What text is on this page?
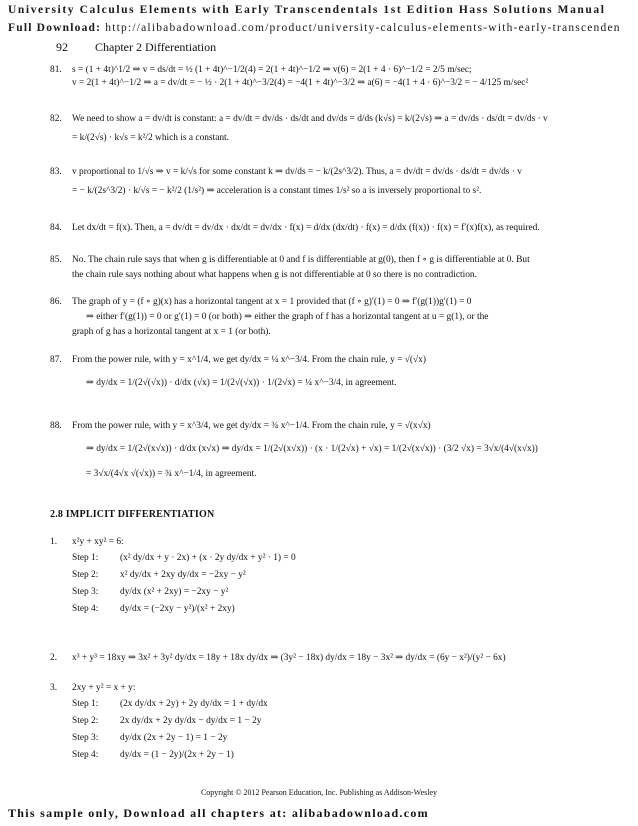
University Calculus Elements with Early Transcendentals 1st Edition Hass Solutions Manual
Full Download: http://alibabadownload.com/product/university-calculus-elements-with-early-transcenden
92 Chapter 2 Differentiation
81. s = (1 + 4t)^1/2 ⇒ v = ds/dt = ½ (1 + 4t)^−1/2(4) = 2(1 + 4t)^−1/2 ⇒ v(6) = 2(1 + 4 · 6)^−1/2 = 2/5 m/sec;
v = 2(1 + 4t)^−1/2 ⇒ a = dv/dt = − ½ · 2(1 + 4t)^−3/2(4) = −4(1 + 4t)^−3/2 ⇒ a(6) = −4(1 + 4 · 6)^−3/2 = − 4/125 m/sec²
82. We need to show a = dv/dt is constant: a = dv/dt = dv/ds · ds/dt and dv/ds = d/ds (k√s) = k/(2√s) ⇒ a = dv/ds · ds/dt = dv/ds · v
= k/(2√s) · k√s = k²/2 which is a constant.
83. v proportional to 1/√s ⇒ v = k/√s for some constant k ⇒ dv/ds = − k/(2s^3/2). Thus, a = dv/dt = dv/ds · ds/dt = dv/ds · v
= − k/(2s^3/2) · k/√s = − k²/2 (1/s²) ⇒ acceleration is a constant times 1/s² so a is inversely proportional to s².
84. Let dx/dt = f(x). Then, a = dv/dt = dv/dx · dx/dt = dv/dx · f(x) = d/dx (dx/dt) · f(x) = d/dx (f(x)) · f(x) = f′(x)f(x), as required.
85. No. The chain rule says that when g is differentiable at 0 and f is differentiable at g(0), then f ∘ g is differentiable at 0. But
the chain rule says nothing about what happens when g is not differentiable at 0 so there is no contradiction.
86. The graph of y = (f ∘ g)(x) has a horizontal tangent at x = 1 provided that (f ∘ g)′(1) = 0 ⇒ f′(g(1))g′(1) = 0
⇒ either f′(g(1)) = 0 or g′(1) = 0 (or both) ⇒ either the graph of f has a horizontal tangent at u = g(1), or the
graph of g has a horizontal tangent at x = 1 (or both).
87. From the power rule, with y = x^1/4, we get dy/dx = ¼ x^−3/4. From the chain rule, y = √(√x)
⇒ dy/dx = 1/(2√(√x)) · d/dx (√x) = 1/(2√(√x)) · 1/(2√x) = ¼ x^−3/4, in agreement.
88. From the power rule, with y = x^3/4, we get dy/dx = ¾ x^−1/4. From the chain rule, y = √(x√x)
⇒ dy/dx = 1/(2√(x√x)) · d/dx (x√x) ⇒ dy/dx = 1/(2√(x√x)) · (x · 1/(2√x) + √x) = 1/(2√(x√x)) · (3/2 √x) = 3√x/(4√(x√x))
= 3√x/(4√x √(√x)) = ¾ x^−1/4, in agreement.
2.8 IMPLICIT DIFFERENTIATION
1. x²y + xy² = 6:
Step 1:	(x² dy/dx + y · 2x) + (x · 2y dy/dx + y² · 1) = 0
Step 2:	x² dy/dx + 2xy dy/dx = −2xy − y²
Step 3:	dy/dx (x² + 2xy) = −2xy − y²
Step 4:	dy/dx = (−2xy − y²)/(x² + 2xy)
2. x³ + y³ = 18xy ⇒ 3x² + 3y² dy/dx = 18y + 18x dy/dx ⇒ (3y² − 18x) dy/dx = 18y − 3x² ⇒ dy/dx = (6y − x²)/(y² − 6x)
3. 2xy + y² = x + y:
Step 1:	(2x dy/dx + 2y) + 2y dy/dx = 1 + dy/dx
Step 2:	2x dy/dx + 2y dy/dx − dy/dx = 1 − 2y
Step 3:	dy/dx (2x + 2y − 1) = 1 − 2y
Step 4:	dy/dx = (1 − 2y)/(2x + 2y − 1)
Copyright © 2012 Pearson Education, Inc. Publishing as Addison-Wesley
This sample only, Download all chapters at: alibabadownload.com
